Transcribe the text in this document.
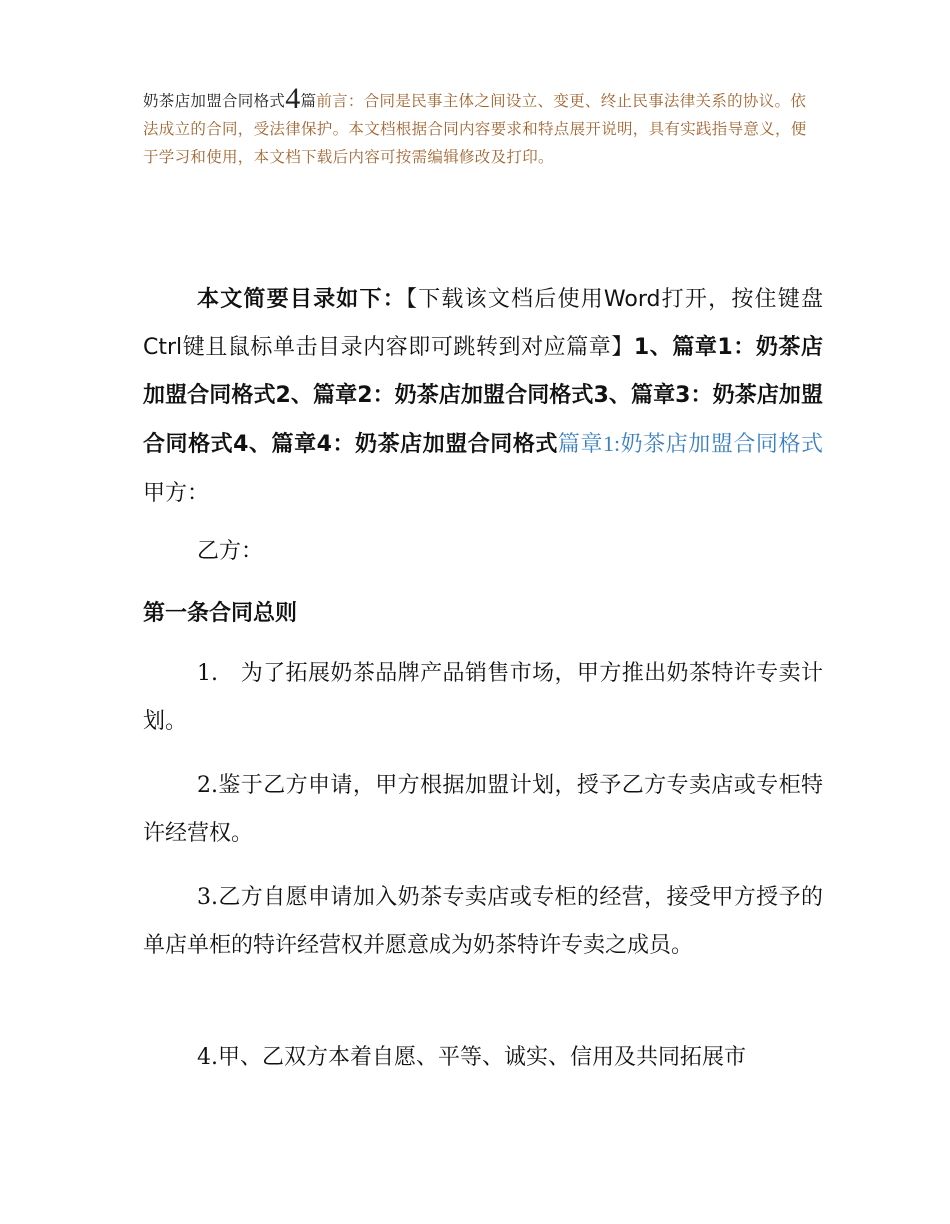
奶茶店加盟合同格式4篇前言：合同是民事主体之间设立、变更、终止民事法律关系的协议。依法成立的合同，受法律保护。本文档根据合同内容要求和特点展开说明，具有实践指导意义，便于学习和使用，本文档下载后内容可按需编辑修改及打印。
本文简要目录如下：【下载该文档后使用Word打开，按住键盘Ctrl键且鼠标单击目录内容即可跳转到对应篇章】1、篇章1：奶茶店加盟合同格式2、篇章2：奶茶店加盟合同格式3、篇章3：奶茶店加盟合同格式4、篇章4：奶茶店加盟合同格式篇章1:奶茶店加盟合同格式甲方：
乙方：
第一条合同总则

1.　为了拓展奶茶品牌产品销售市场，甲方推出奶茶特许专卖计划。

2.鉴于乙方申请，甲方根据加盟计划，授予乙方专卖店或专柜特许经营权。

3.乙方自愿申请加入奶茶专卖店或专柜的经营，接受甲方授予的单店单柜的特许经营权并愿意成为奶茶特许专卖之成员。

4.甲、乙双方本着自愿、平等、诚实、信用及共同拓展市
